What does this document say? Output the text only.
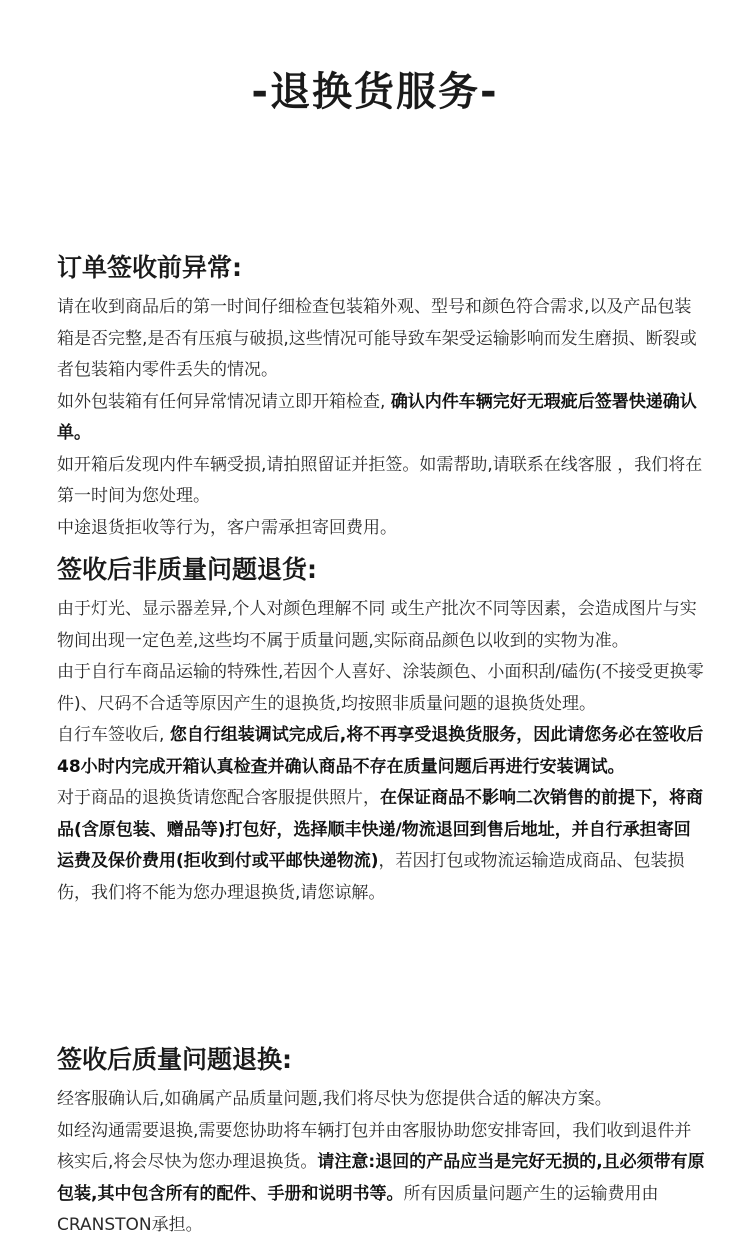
-退换货服务-
订单签收前异常:

请在收到商品后的第一时间仔细检查包装箱外观、型号和颜色符合需求,以及产品包装箱是否完整,是否有压痕与破损,这些情况可能导致车架受运输影响而发生磨损、断裂或者包装箱内零件丢失的情况。

如外包装箱有任何异常情况请立即开箱检查, 确认内件车辆完好无瑕疵后签署快递确认单。

如开箱后发现内件车辆受损,请拍照留证并拒签。如需帮助,请联系在线客服 ，我们将在第一时间为您处理。

中途退货拒收等行为，客户需承担寄回费用。

签收后非质量问题退货:

由于灯光、显示器差异,个人对颜色理解不同 或生产批次不同等因素，会造成图片与实物间出现一定色差,这些均不属于质量问题,实际商品颜色以收到的实物为准。

由于自行车商品运输的特殊性,若因个人喜好、涂装颜色、小面积刮/磕伤(不接受更换零件)、尺码不合适等原因产生的退换货,均按照非质量问题的退换货处理。

自行车签收后, 您自行组装调试完成后,将不再享受退换货服务，因此请您务必在签收后48小时内完成开箱认真检查并确认商品不存在质量问题后再进行安装调试。

对于商品的退换货请您配合客服提供照片，在保证商品不影响二次销售的前提下，将商品(含原包装、赠品等)打包好，选择顺丰快递/物流退回到售后地址，并自行承担寄回运费及保价费用(拒收到付或平邮快递物流)，若因打包或物流运输造成商品、包装损伤，我们将不能为您办理退换货,请您谅解。

签收后质量问题退换:

经客服确认后,如确属产品质量问题,我们将尽快为您提供合适的解决方案。

如经沟通需要退换,需要您协助将车辆打包并由客服协助您安排寄回，我们收到退件并核实后,将会尽快为您办理退换货。请注意:退回的产品应当是完好无损的,且必须带有原包装,其中包含所有的配件、手册和说明书等。所有因质量问题产生的运输费用由CRANSTON承担。
